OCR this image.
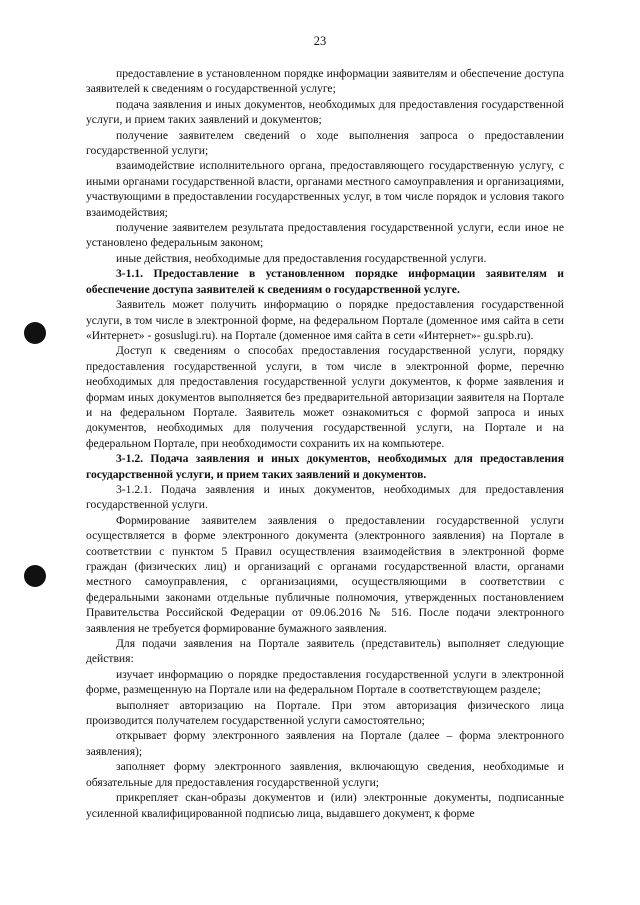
23

предоставление в установленном порядке информации заявителям и обеспечение доступа заявителей к сведениям о государственной услуге;

подача заявления и иных документов, необходимых для предоставления государственной услуги, и прием таких заявлений и документов;

получение заявителем сведений о ходе выполнения запроса о предоставлении государственной услуги;

взаимодействие исполнительного органа, предоставляющего государственную услугу, с иными органами государственной власти, органами местного самоуправления и организациями, участвующими в предоставлении государственных услуг, в том числе порядок и условия такого взаимодействия;

получение заявителем результата предоставления государственной услуги, если иное не установлено федеральным законом;

иные действия, необходимые для предоставления государственной услуги.

3-1.1. Предоставление в установленном порядке информации заявителям и обеспечение доступа заявителей к сведениям о государственной услуге.

Заявитель может получить информацию о порядке предоставления государственной услуги, в том числе в электронной форме, на федеральном Портале (доменное имя сайта в сети «Интернет» - gosuslugi.ru). на Портале (доменное имя сайта в сети «Интернет»- gu.spb.ru).

Доступ к сведениям о способах предоставления государственной услуги, порядку предоставления государственной услуги, в том числе в электронной форме, перечню необходимых для предоставления государственной услуги документов, к форме заявления и формам иных документов выполняется без предварительной авторизации заявителя на Портале и на федеральном Портале. Заявитель может ознакомиться с формой запроса и иных документов, необходимых для получения государственной услуги, на Портале и на федеральном Портале, при необходимости сохранить их на компьютере.

3-1.2. Подача заявления и иных документов, необходимых для предоставления государственной услуги, и прием таких заявлений и документов.

3-1.2.1. Подача заявления и иных документов, необходимых для предоставления государственной услуги.

Формирование заявителем заявления о предоставлении государственной услуги осуществляется в форме электронного документа (электронного заявления) на Портале в соответствии с пунктом 5 Правил осуществления взаимодействия в электронной форме граждан (физических лиц) и организаций с органами государственной власти, органами местного самоуправления, с организациями, осуществляющими в соответствии с федеральными законами отдельные публичные полномочия, утвержденных постановлением Правительства Российской Федерации от 09.06.2016 № 516. После подачи электронного заявления не требуется формирование бумажного заявления.

Для подачи заявления на Портале заявитель (представитель) выполняет следующие действия:

изучает информацию о порядке предоставления государственной услуги в электронной форме, размещенную на Портале или на федеральном Портале в соответствующем разделе;

выполняет авторизацию на Портале. При этом авторизация физического лица производится получателем государственной услуги самостоятельно;

открывает форму электронного заявления на Портале (далее – форма электронного заявления);

заполняет форму электронного заявления, включающую сведения, необходимые и обязательные для предоставления государственной услуги;

прикрепляет скан-образы документов и (или) электронные документы, подписанные усиленной квалифицированной подписью лица, выдавшего документ, к форме
